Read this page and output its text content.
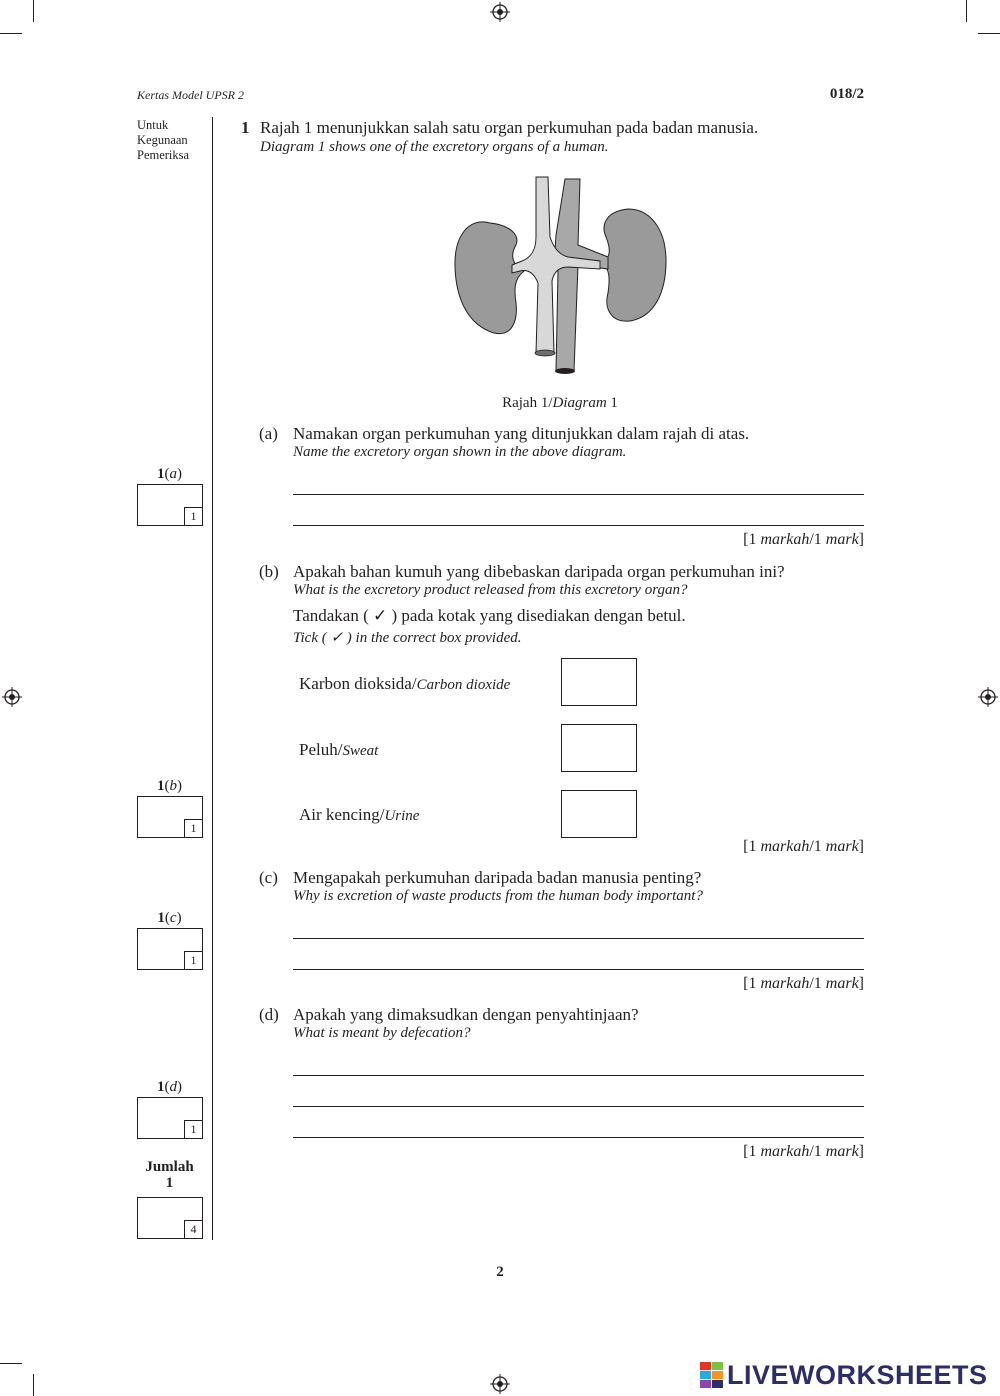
Kertas Model UPSR 2	018/2
Untuk
Kegunaan
Pemeriksa
1 Rajah 1 menunjukkan salah satu organ perkumuhan pada badan manusia.
Diagram 1 shows one of the excretory organs of a human.
Rajah 1/Diagram 1
(a) Namakan organ perkumuhan yang ditunjukkan dalam rajah di atas.
Name the excretory organ shown in the above diagram.
[1 markah/1 mark]
(b) Apakah bahan kumuh yang dibebaskan daripada organ perkumuhan ini?
What is the excretory product released from this excretory organ?
Tandakan ( ✓ ) pada kotak yang disediakan dengan betul.
Tick ( ✓ ) in the correct box provided.
Karbon dioksida/Carbon dioxide
Peluh/Sweat
Air kencing/Urine
[1 markah/1 mark]
(c) Mengapakah perkumuhan daripada badan manusia penting?
Why is excretion of waste products from the human body important?
[1 markah/1 mark]
(d) Apakah yang dimaksudkan dengan penyahtinjaan?
What is meant by defecation?
[1 markah/1 mark]
1(a)
1
1(b)
1
1(c)
1
1(d)
1
Jumlah
1
4
2
LIVEWORKSHEETS
